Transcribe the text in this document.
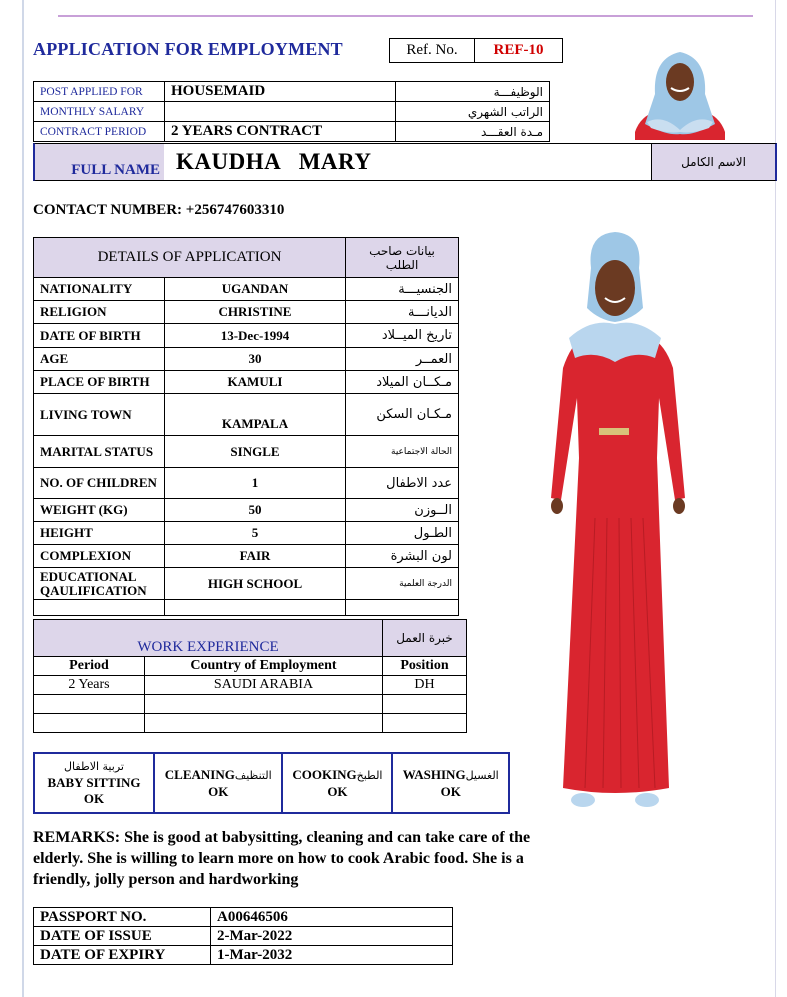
APPLICATION FOR EMPLOYMENT	Ref. No.	REF-10
POST APPLIED FOR	HOUSEMAID	الوظيفـــة
MONTHLY SALARY		الراتب الشهري
CONTRACT PERIOD	2 YEARS CONTRACT	مـدة العقـــد
FULL NAME KAUDHA   MARY	الاسم الكامل
CONTACT NUMBER: +256747603310
DETAILS OF APPLICATION		بيانات صاحب الطلب
NATIONALITY	UGANDAN	الجنسيـــة
RELIGION	CHRISTINE	الديانـــة
DATE OF BIRTH	13-Dec-1994	تاريخ الميــلاد
AGE	30	العمــر
PLACE OF BIRTH	KAMULI	مـكــان الميلاد
LIVING TOWN	KAMPALA	مـكـان السكن
MARITAL STATUS	SINGLE	الحالة الاجتماعية
NO. OF CHILDREN	1	عدد الاطفال
WEIGHT (KG)	50	الــوزن
HEIGHT	5	الطـول
COMPLEXION	FAIR	لون البشرة
EDUCATIONAL QAULIFICATION	HIGH SCHOOL	الدرجة العلمية

WORK EXPERIENCE		خبرة العمل
Period	Country of Employment	Position
2 Years	SAUDI ARABIA	DH

تربية الاطفال
BABY SITTING
OK

CLEANINGالتنظيف
OK

COOKINGالطبخ
OK

WASHINGالغسيل
OK
REMARKS: She is good at babysitting, cleaning and can take care of the elderly. She is willing to learn more on how to cook Arabic food. She is a friendly, jolly person and hardworking
PASSPORT NO.	A00646506
DATE OF ISSUE	2-Mar-2022
DATE OF EXPIRY	1-Mar-2032
